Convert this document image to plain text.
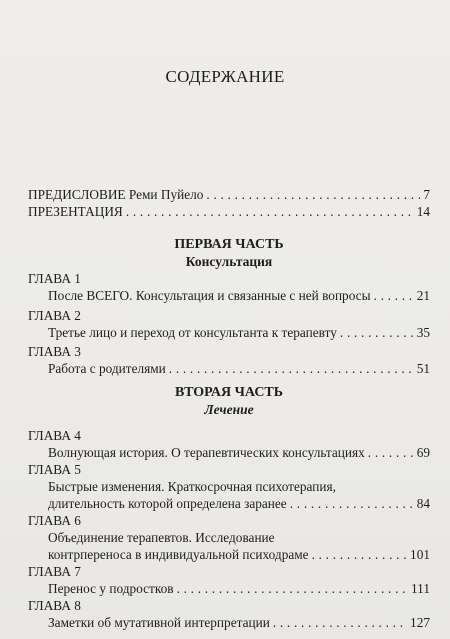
СОДЕРЖАНИЕ
ПРЕДИСЛОВИЕ Реми Пуйело . . .	7
ПРЕЗЕНТАЦИЯ . . .	14
ПЕРВАЯ ЧАСТЬ
Консультация
ГЛАВА 1
После ВСЕГО. Консультация и связанные с ней вопросы . . .	21
ГЛАВА 2
Третье лицо и переход от консультанта к терапевту . . .	35
ГЛАВА 3
Работа с родителями . . .	51
ВТОРАЯ ЧАСТЬ
Лечение
ГЛАВА 4
Волнующая история. О терапевтических консультациях . . .	69
ГЛАВА 5
Быстрые изменения. Краткосрочная психотерапия,
длительность которой определена заранее . . .	84
ГЛАВА 6
Объединение терапевтов. Исследование
контрпереноса в индивидуальной психодраме . . .	101
ГЛАВА 7
Перенос у подростков . . .	111
ГЛАВА 8
Заметки об мутативной интерпретации . . .	127
